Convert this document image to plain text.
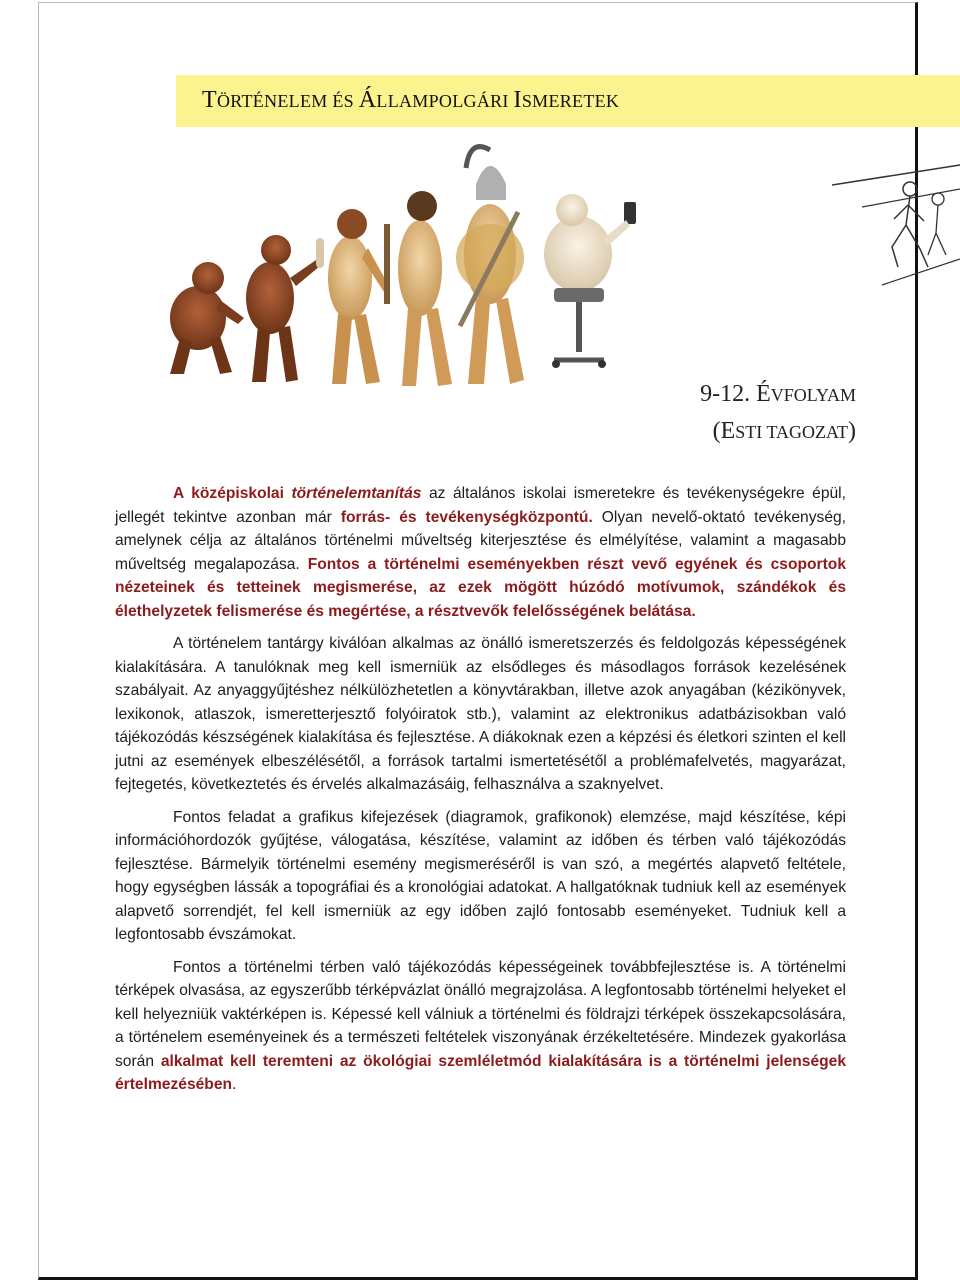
TÖRTÉNELEM ÉS ÁLLAMPOLGÁRI ISMERETEK
9-12. ÉVFOLYAM
(ESTI TAGOZAT)

A középiskolai történelemtanítás az általános iskolai ismeretekre és tevékenységekre épül, jellegét tekintve azonban már forrás- és tevékenységközpontú. Olyan nevelő-oktató tevékenység, amelynek célja az általános történelmi műveltség kiterjesztése és elmélyítése, valamint a magasabb műveltség megalapozása. Fontos a történelmi eseményekben részt vevő egyének és csoportok nézeteinek és tetteinek megismerése, az ezek mögött húzódó motívumok, szándékok és élethelyzetek felismerése és megértése, a résztvevők felelősségének belátása.

A történelem tantárgy kiválóan alkalmas az önálló ismeretszerzés és feldolgozás képességének kialakítására. A tanulóknak meg kell ismerniük az elsődleges és másodlagos források kezelésének szabályait. Az anyaggyűjtéshez nélkülözhetetlen a könyvtárakban, illetve azok anyagában (kézikönyvek, lexikonok, atlaszok, ismeretterjesztő folyóiratok stb.), valamint az elektronikus adatbázisokban való tájékozódás készségének kialakítása és fejlesztése. A diákoknak ezen a képzési és életkori szinten el kell jutni az események elbeszélésétől, a források tartalmi ismertetésétől a problémafelvetés, magyarázat, fejtegetés, következtetés és érvelés alkalmazásáig, felhasználva a szaknyelvet.

Fontos feladat a grafikus kifejezések (diagramok, grafikonok) elemzése, majd készítése, képi információhordozók gyűjtése, válogatása, készítése, valamint az időben és térben való tájékozódás fejlesztése. Bármelyik történelmi esemény megismeréséről is van szó, a megértés alapvető feltétele, hogy egységben lássák a topográfiai és a kronológiai adatokat. A hallgatóknak tudniuk kell az események alapvető sorrendjét, fel kell ismerniük az egy időben zajló fontosabb eseményeket. Tudniuk kell a legfontosabb évszámokat.

Fontos a történelmi térben való tájékozódás képességeinek továbbfejlesztése is. A történelmi térképek olvasása, az egyszerűbb térképvázlat önálló megrajzolása. A legfontosabb történelmi helyeket el kell helyezniük vaktérképen is. Képessé kell válniuk a történelmi és földrajzi térképek összekapcsolására, a történelem eseményeinek és a természeti feltételek viszonyának érzékeltetésére. Mindezek gyakorlása során alkalmat kell teremteni az ökológiai szemléletmód kialakítására is a történelmi jelenségek értelmezésében.
